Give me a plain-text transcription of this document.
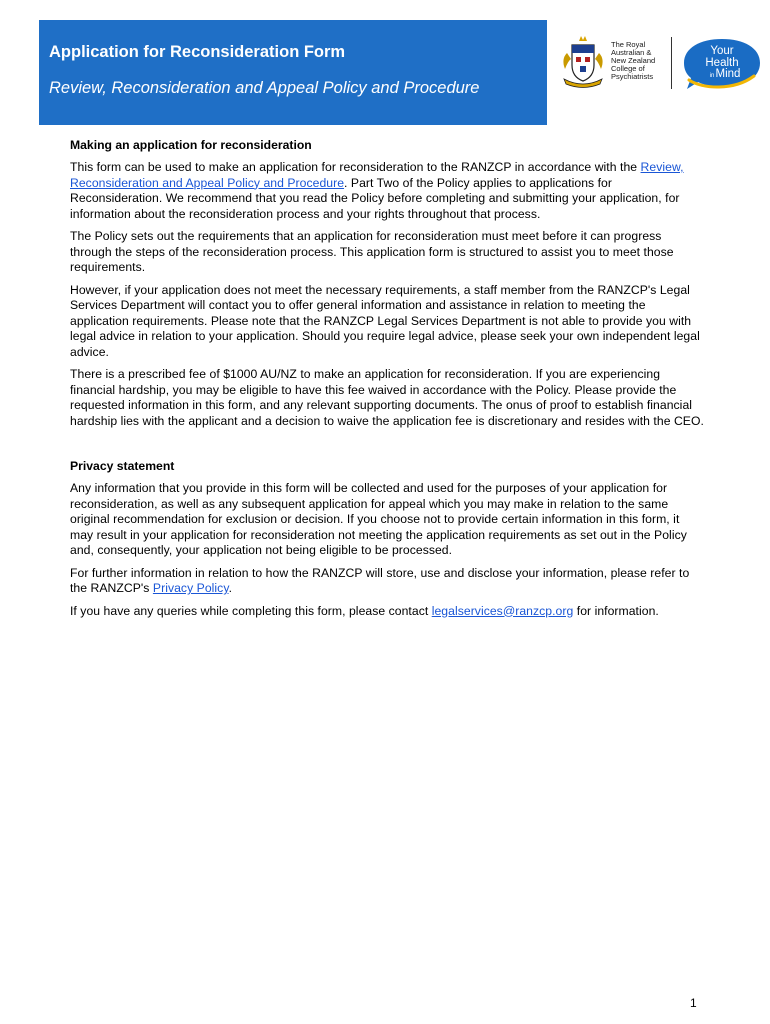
Application for Reconsideration Form

Review, Reconsideration and Appeal Policy and Procedure

The Royal
Australian &
New Zealand
College of
Psychiatrists
Your
Health
in Mind
Making an application for reconsideration

This form can be used to make an application for reconsideration to the RANZCP in accordance with the Review, Reconsideration and Appeal Policy and Procedure. Part Two of the Policy applies to applications for Reconsideration. We recommend that you read the Policy before completing and submitting your application, for information about the reconsideration process and your rights throughout that process.

The Policy sets out the requirements that an application for reconsideration must meet before it can progress through the steps of the reconsideration process. This application form is structured to assist you to meet those requirements.

However, if your application does not meet the necessary requirements, a staff member from the RANZCP's Legal Services Department will contact you to offer general information and assistance in relation to meeting the application requirements. Please note that the RANZCP Legal Services Department is not able to provide you with legal advice in relation to your application. Should you require legal advice, please seek your own independent legal advice.

There is a prescribed fee of $1000 AU/NZ to make an application for reconsideration. If you are experiencing financial hardship, you may be eligible to have this fee waived in accordance with the Policy. Please provide the requested information in this form, and any relevant supporting documents. The onus of proof to establish financial hardship lies with the applicant and a decision to waive the application fee is discretionary and resides with the CEO.

Privacy statement

Any information that you provide in this form will be collected and used for the purposes of your application for reconsideration, as well as any subsequent application for appeal which you may make in relation to the same original recommendation for exclusion or decision. If you choose not to provide certain information in this form, it may result in your application for reconsideration not meeting the application requirements as set out in the Policy and, consequently, your application not being eligible to be processed.

For further information in relation to how the RANZCP will store, use and disclose your information, please refer to the RANZCP's Privacy Policy.

If you have any queries while completing this form, please contact legalservices@ranzcp.org for information.

1
